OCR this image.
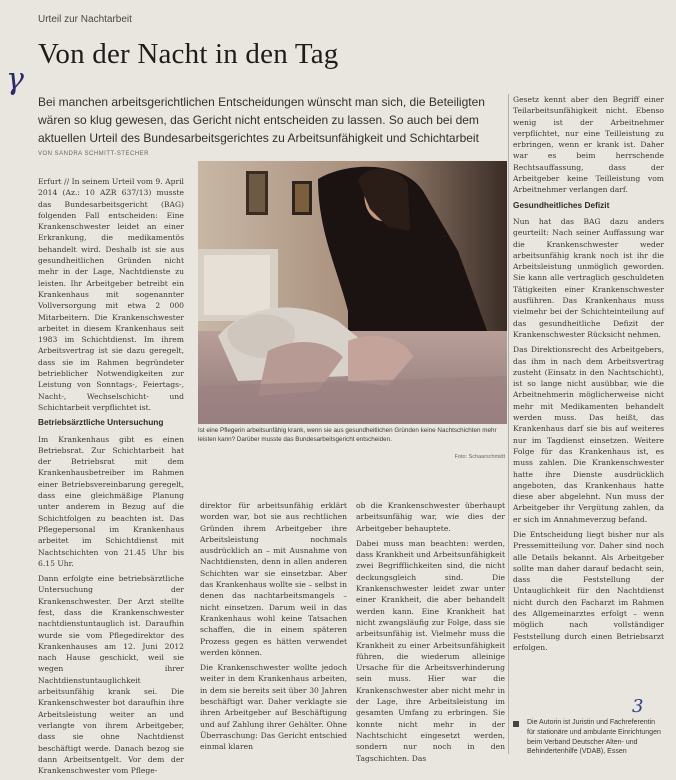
Urteil zur Nachtarbeit
Von der Nacht in den Tag
γ
Bei manchen arbeitsgerichtlichen Entscheidungen wünscht man sich, die Beteiligten wären so klug gewesen, das Gericht nicht entscheiden zu lassen. So auch bei dem aktuellen Urteil des Bundesarbeitsgerichtes zu Arbeitsunfähigkeit und Schichtarbeit
VON SANDRA SCHMITT-STECHER

Erfurt // In seinem Urteil vom 9. April 2014 (Az.: 10 AZR 637/13) musste das Bundesarbeitsgericht (BAG) folgenden Fall entscheiden: Eine Krankenschwester leidet an einer Erkrankung, die medikamentös behandelt wird. Deshalb ist sie aus gesundheitlichen Gründen nicht mehr in der Lage, Nachtdienste zu leisten. Ihr Arbeitgeber betreibt ein Krankenhaus mit sogenannter Vollversorgung mit etwa 2 000 Mitarbeitern. Die Krankenschwester arbeitet in diesem Krankenhaus seit 1983 im Schichtdienst. Im ihrem Arbeitsvertrag ist sie dazu geregelt, dass sie im Rahmen begründeter betrieblicher Notwendigkeiten zur Leistung von Sonntags-, Feiertags-, Nacht-, Wechselschicht- und Schichtarbeit verpflichtet ist.

Betriebsärztliche Untersuchung

Im Krankenhaus gibt es einen Betriebsrat. Zur Schichtarbeit hat der Betriebsrat mit dem Krankenhausbetreiber im Rahmen einer Betriebsvereinbarung geregelt, dass eine gleichmäßige Planung unter anderem in Bezug auf die Schichtfolgen zu beachten ist. Das Pflegepersonal im Krankenhaus arbeitet im Schichtdienst mit Nachtschichten von 21.45 Uhr bis 6.15 Uhr.

Dann erfolgte eine betriebsärztliche Untersuchung der Krankenschwester. Der Arzt stellte fest, dass die Krankenschwester nachtdienstuntauglich ist. Daraufhin wurde sie vom Pflegedirektor des Krankenhauses am 12. Juni 2012 nach Hause geschickt, weil sie wegen ihrer Nachtdienstuntauglichkeit arbeitsunfähig krank sei. Die Krankenschwester bot daraufhin ihre Arbeitsleistung weiter an und verlangte von ihrem Arbeitgeber, dass sie ohne Nachtdienst beschäftigt werde. Danach bezog sie dann Arbeitsentgelt. Vor dem der Krankenschwester vom Pflege-

Ist eine Pflegerin arbeitsunfähig krank, wenn sie aus gesundheitlichen Gründen keine Nachtschichten mehr leisten kann? Darüber musste das Bundesarbeitsgericht entscheiden.
Foto: Schaarschmidt

direktor für arbeitsunfähig erklärt worden war, bot sie aus rechtlichen Gründen ihrem Arbeitgeber ihre Arbeitsleistung nochmals ausdrücklich an – mit Ausnahme von Nachtdiensten, denn in allen anderen Schichten war sie einsetzbar. Aber das Krankenhaus wollte sie – selbst in denen das nachtarbeitsmangels – nicht einsetzen. Darum weil in das Krankenhaus wohl keine Tatsachen schaffen, die in einem späteren Prozess gegen es hätten verwendet werden können.

Die Krankenschwester wollte jedoch weiter in dem Krankenhaus arbeiten, in dem sie bereits seit über 30 Jahren beschäftigt war. Daher verklagte sie ihren Arbeitgeber auf Beschäftigung und auf Zahlung ihrer Gehälter. Ohne Überraschung: Das Gericht entschied einmal klaren

ob die Krankenschwester überhaupt arbeitsunfähig war, wie dies der Arbeitgeber behauptete.

Dabei muss man beachten: werden, dass Krankheit und Arbeitsunfähigkeit zwei Begrifflichkeiten sind, die nicht deckungsgleich sind. Die Krankenschwester leidet zwar unter einer Krankheit, die aber behandelt werden kann. Eine Krankheit hat nicht zwangsläufig zur Folge, dass sie arbeitsunfähig ist. Vielmehr muss die Krankheit zu einer Arbeitsunfähigkeit führen, die wiederum alleinige Ursache für die Arbeitsverhinderung sein muss. Hier war die Krankenschwester aber nicht mehr in der Lage, ihre Arbeitsleistung im gesamten Umfang zu erbringen. Sie konnte nicht mehr in der Nachtschicht eingesetzt werden, sondern nur noch in den Tagschichten. Das

Gesetz kennt aber den Begriff einer Teilarbeitsunfähigkeit nicht. Ebenso wenig ist der Arbeitnehmer verpflichtet, nur eine Teilleistung zu erbringen, wenn er krank ist. Daher war es beim herrschende Rechtsauffassung, dass der Arbeitgeber keine Teilleistung vom Arbeitnehmer verlangen darf.

Gesundheitliches Defizit

Nun hat das BAG dazu anders geurteilt: Nach seiner Auffassung war die Krankenschwester weder arbeitsunfähig krank noch ist ihr die Arbeitsleistung unmöglich geworden. Sie kann alle vertraglich geschuldeten Tätigkeiten einer Krankenschwester ausführen. Das Krankenhaus muss vielmehr bei der Schichteinteilung auf das gesundheitliche Defizit der Krankenschwester Rücksicht nehmen.

Das Direktionsrecht des Arbeitgebers, das ihm in nach dem Arbeitsvertrag zusteht (Einsatz in den Nachtschicht), ist so lange nicht ausübbar, wie die Arbeitnehmerin möglicherweise nicht mehr mit Medikamenten behandelt werden muss. Das heißt, das Krankenhaus darf sie bis auf weiteres nur im Tagdienst einsetzen. Weitere Folge für das Krankenhaus ist, es muss zahlen. Die Krankenschwester hatte ihre Dienste ausdrücklich angeboten, das Krankenhaus hatte diese aber abgelehnt. Nun muss der Arbeitgeber ihr Vergütung zahlen, da er sich im Annahmeverzug befand.

Die Entscheidung liegt bisher nur als Pressemitteilung vor. Daher sind noch alle Details bekannt. Als Arbeitgeber sollte man daher darauf bedacht sein, dass die Feststellung der Untauglichkeit für den Nachtdienst nicht durch den Facharzt im Rahmen des Allgemeinarztes erfolgt – wenn möglich nach vollständiger Feststellung durch einen Betriebsarzt erfolgen.

3
Die Autorin ist Juristin und Fachreferentin für stationäre und ambulante Einrichtungen beim Verband Deutscher Alten- und Behindertenhilfe (VDAB), Essen
